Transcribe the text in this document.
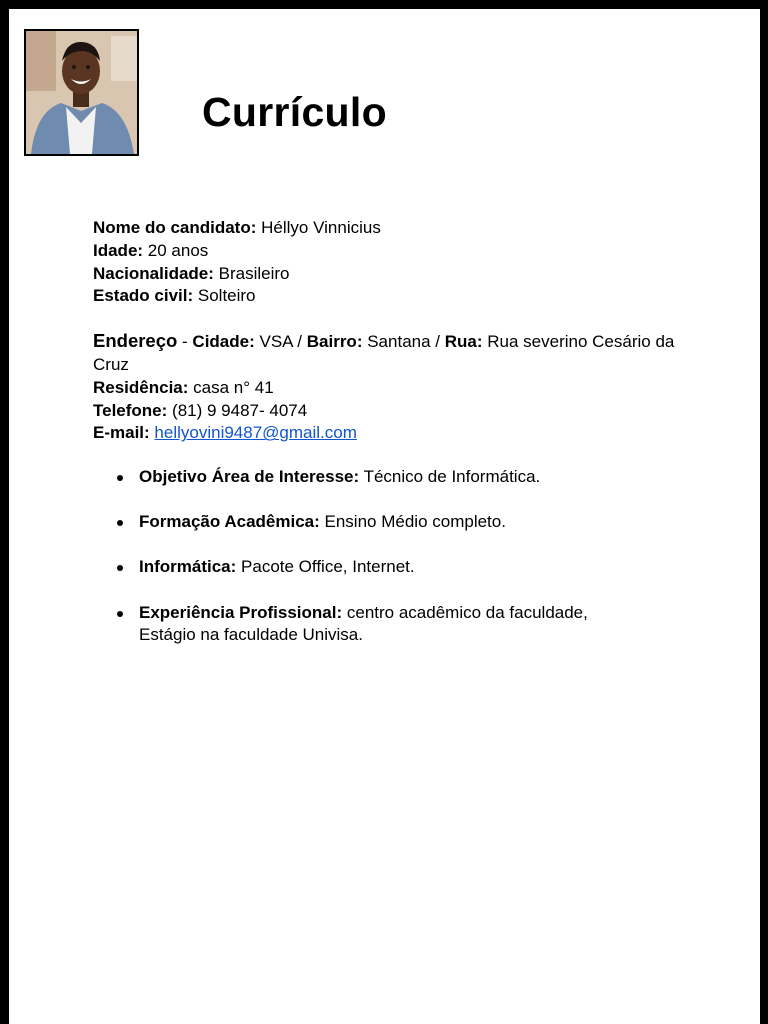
Currículo

Nome do candidato: Héllyo Vinnicius

Idade: 20 anos

Nacionalidade: Brasileiro

Estado civil: Solteiro

Endereço - Cidade: VSA / Bairro: Santana / Rua: Rua severino Cesário da Cruz

Residência: casa n° 41

Telefone: (81) 9 9487- 4074

E-mail: hellyovini9487@gmail.com

Objetivo Área de Interesse: Técnico de Informática.
Formação Acadêmica: Ensino Médio completo.
Informática: Pacote Office, Internet.
Experiência Profissional: centro acadêmico da faculdade, Estágio na faculdade Univisa.
